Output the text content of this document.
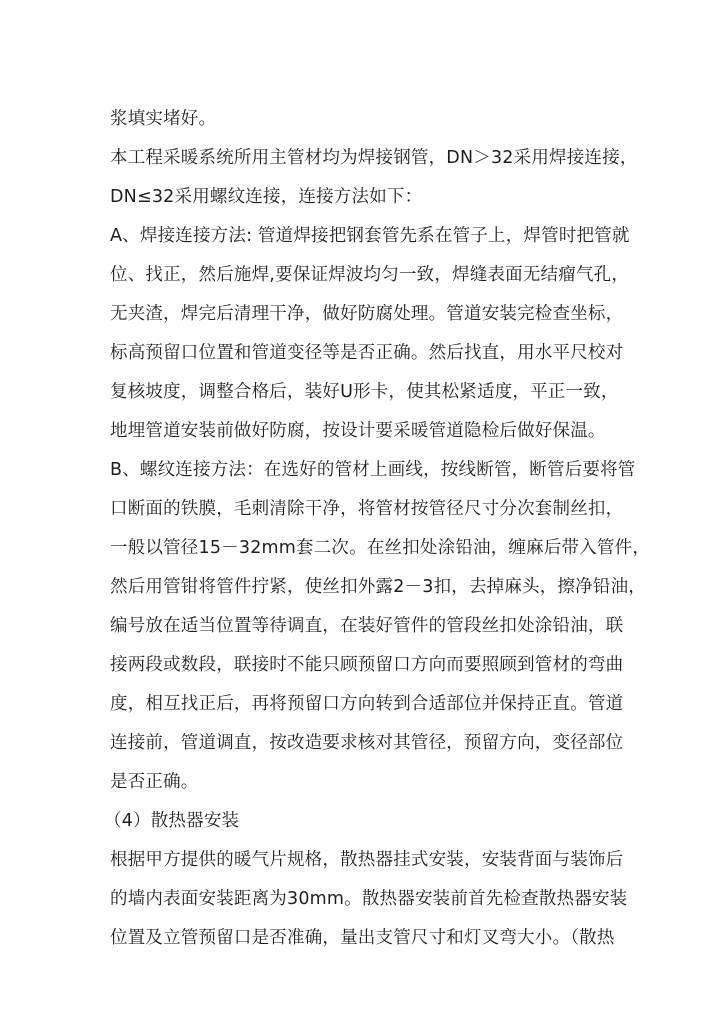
浆填实堵好。
本工程采暖系统所用主管材均为焊接钢管，DN＞32采用焊接连接，
DN≤32采用螺纹连接，连接方法如下：
A、焊接连接方法: 管道焊接把钢套管先系在管子上，焊管时把管就
位、找正，然后施焊,要保证焊波均匀一致，焊缝表面无结瘤气孔，
无夹渣，焊完后清理干净，做好防腐处理。管道安装完检查坐标，
标高预留口位置和管道变径等是否正确。然后找直，用水平尺校对
复核坡度，调整合格后，装好U形卡，使其松紧适度，平正一致，
地埋管道安装前做好防腐，按设计要采暖管道隐检后做好保温。
B、螺纹连接方法：在选好的管材上画线，按线断管，断管后要将管
口断面的铁膜，毛刺清除干净，将管材按管径尺寸分次套制丝扣，
一般以管径15－32mm套二次。在丝扣处涂铅油，缠麻后带入管件，
然后用管钳将管件拧紧，使丝扣外露2－3扣，去掉麻头，擦净铅油，
编号放在适当位置等待调直，在装好管件的管段丝扣处涂铅油，联
接两段或数段，联接时不能只顾预留口方向而要照顾到管材的弯曲
度，相互找正后，再将预留口方向转到合适部位并保持正直。管道
连接前，管道调直，按改造要求核对其管径，预留方向，变径部位
是否正确。
（4）散热器安装
根据甲方提供的暖气片规格，散热器挂式安装，安装背面与装饰后
的墙内表面安装距离为30mm。散热器安装前首先检查散热器安装
位置及立管预留口是否准确，量出支管尺寸和灯叉弯大小。（散热
